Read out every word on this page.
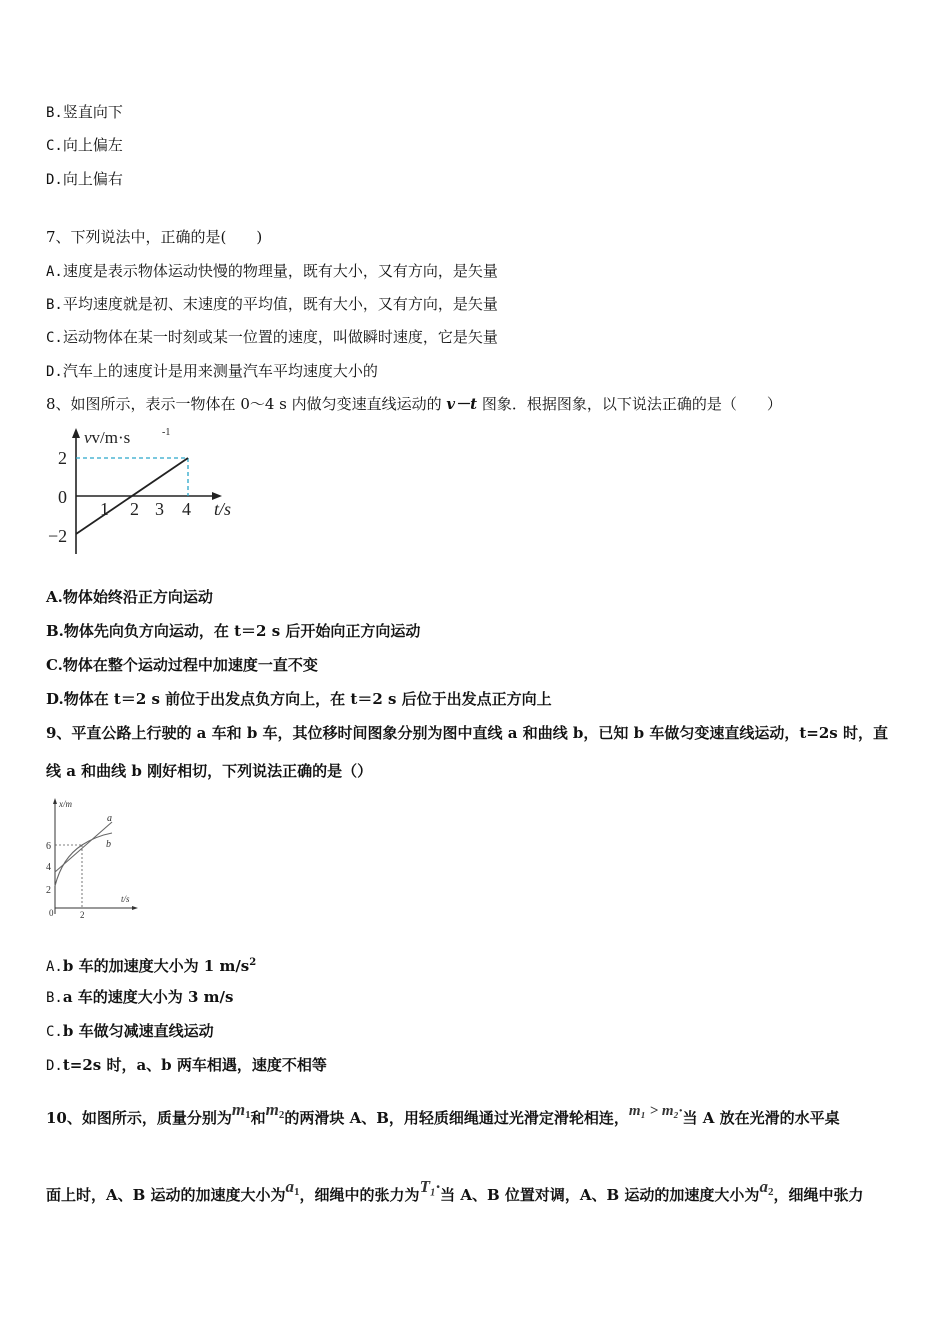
B.竖直向下
C.向上偏左
D.向上偏右
7、下列说法中，正确的是(　　)
A.速度是表示物体运动快慢的物理量，既有大小，又有方向，是矢量
B.平均速度就是初、末速度的平均值，既有大小，又有方向，是矢量
C.运动物体在某一时刻或某一位置的速度，叫做瞬时速度，它是矢量
D.汽车上的速度计是用来测量汽车平均速度大小的
8、如图所示，表示一物体在 0～4 s 内做匀变速直线运动的 v－t 图象．根据图象，以下说法正确的是（　　）
vv/m·s	-1
2
0
−2
1 2 3 4 t/s
A.物体始终沿正方向运动
B.物体先向负方向运动，在 t＝2 s 后开始向正方向运动
C.物体在整个运动过程中加速度一直不变
D.物体在 t＝2 s 前位于出发点负方向上，在 t＝2 s 后位于出发点正方向上
9、平直公路上行驶的 a 车和 b 车，其位移时间图象分别为图中直线 a 和曲线 b，已知 b 车做匀变速直线运动，t=2s 时，直
线 a 和曲线 b 刚好相切，下列说法正确的是（）
x/m
6
4
2
0	2
t/s
a
b
A.b 车的加速度大小为 1 $m/s^2$
B.a 车的速度大小为 3 m/s
C.b 车做匀减速直线运动
D.t=2s 时，a、b 两车相遇，速度不相等
10、如图所示，质量分别为$m_1$和$m_2$的两滑块 A、B，用轻质细绳通过光滑定滑轮相连，m₁ > m₂·当 A 放在光滑的水平桌
面上时，A、B 运动的加速度大小为$a_1$，细绳中的张力为T₁·当 A、B 位置对调，A、B 运动的加速度大小为$a_2$，细绳中张力
